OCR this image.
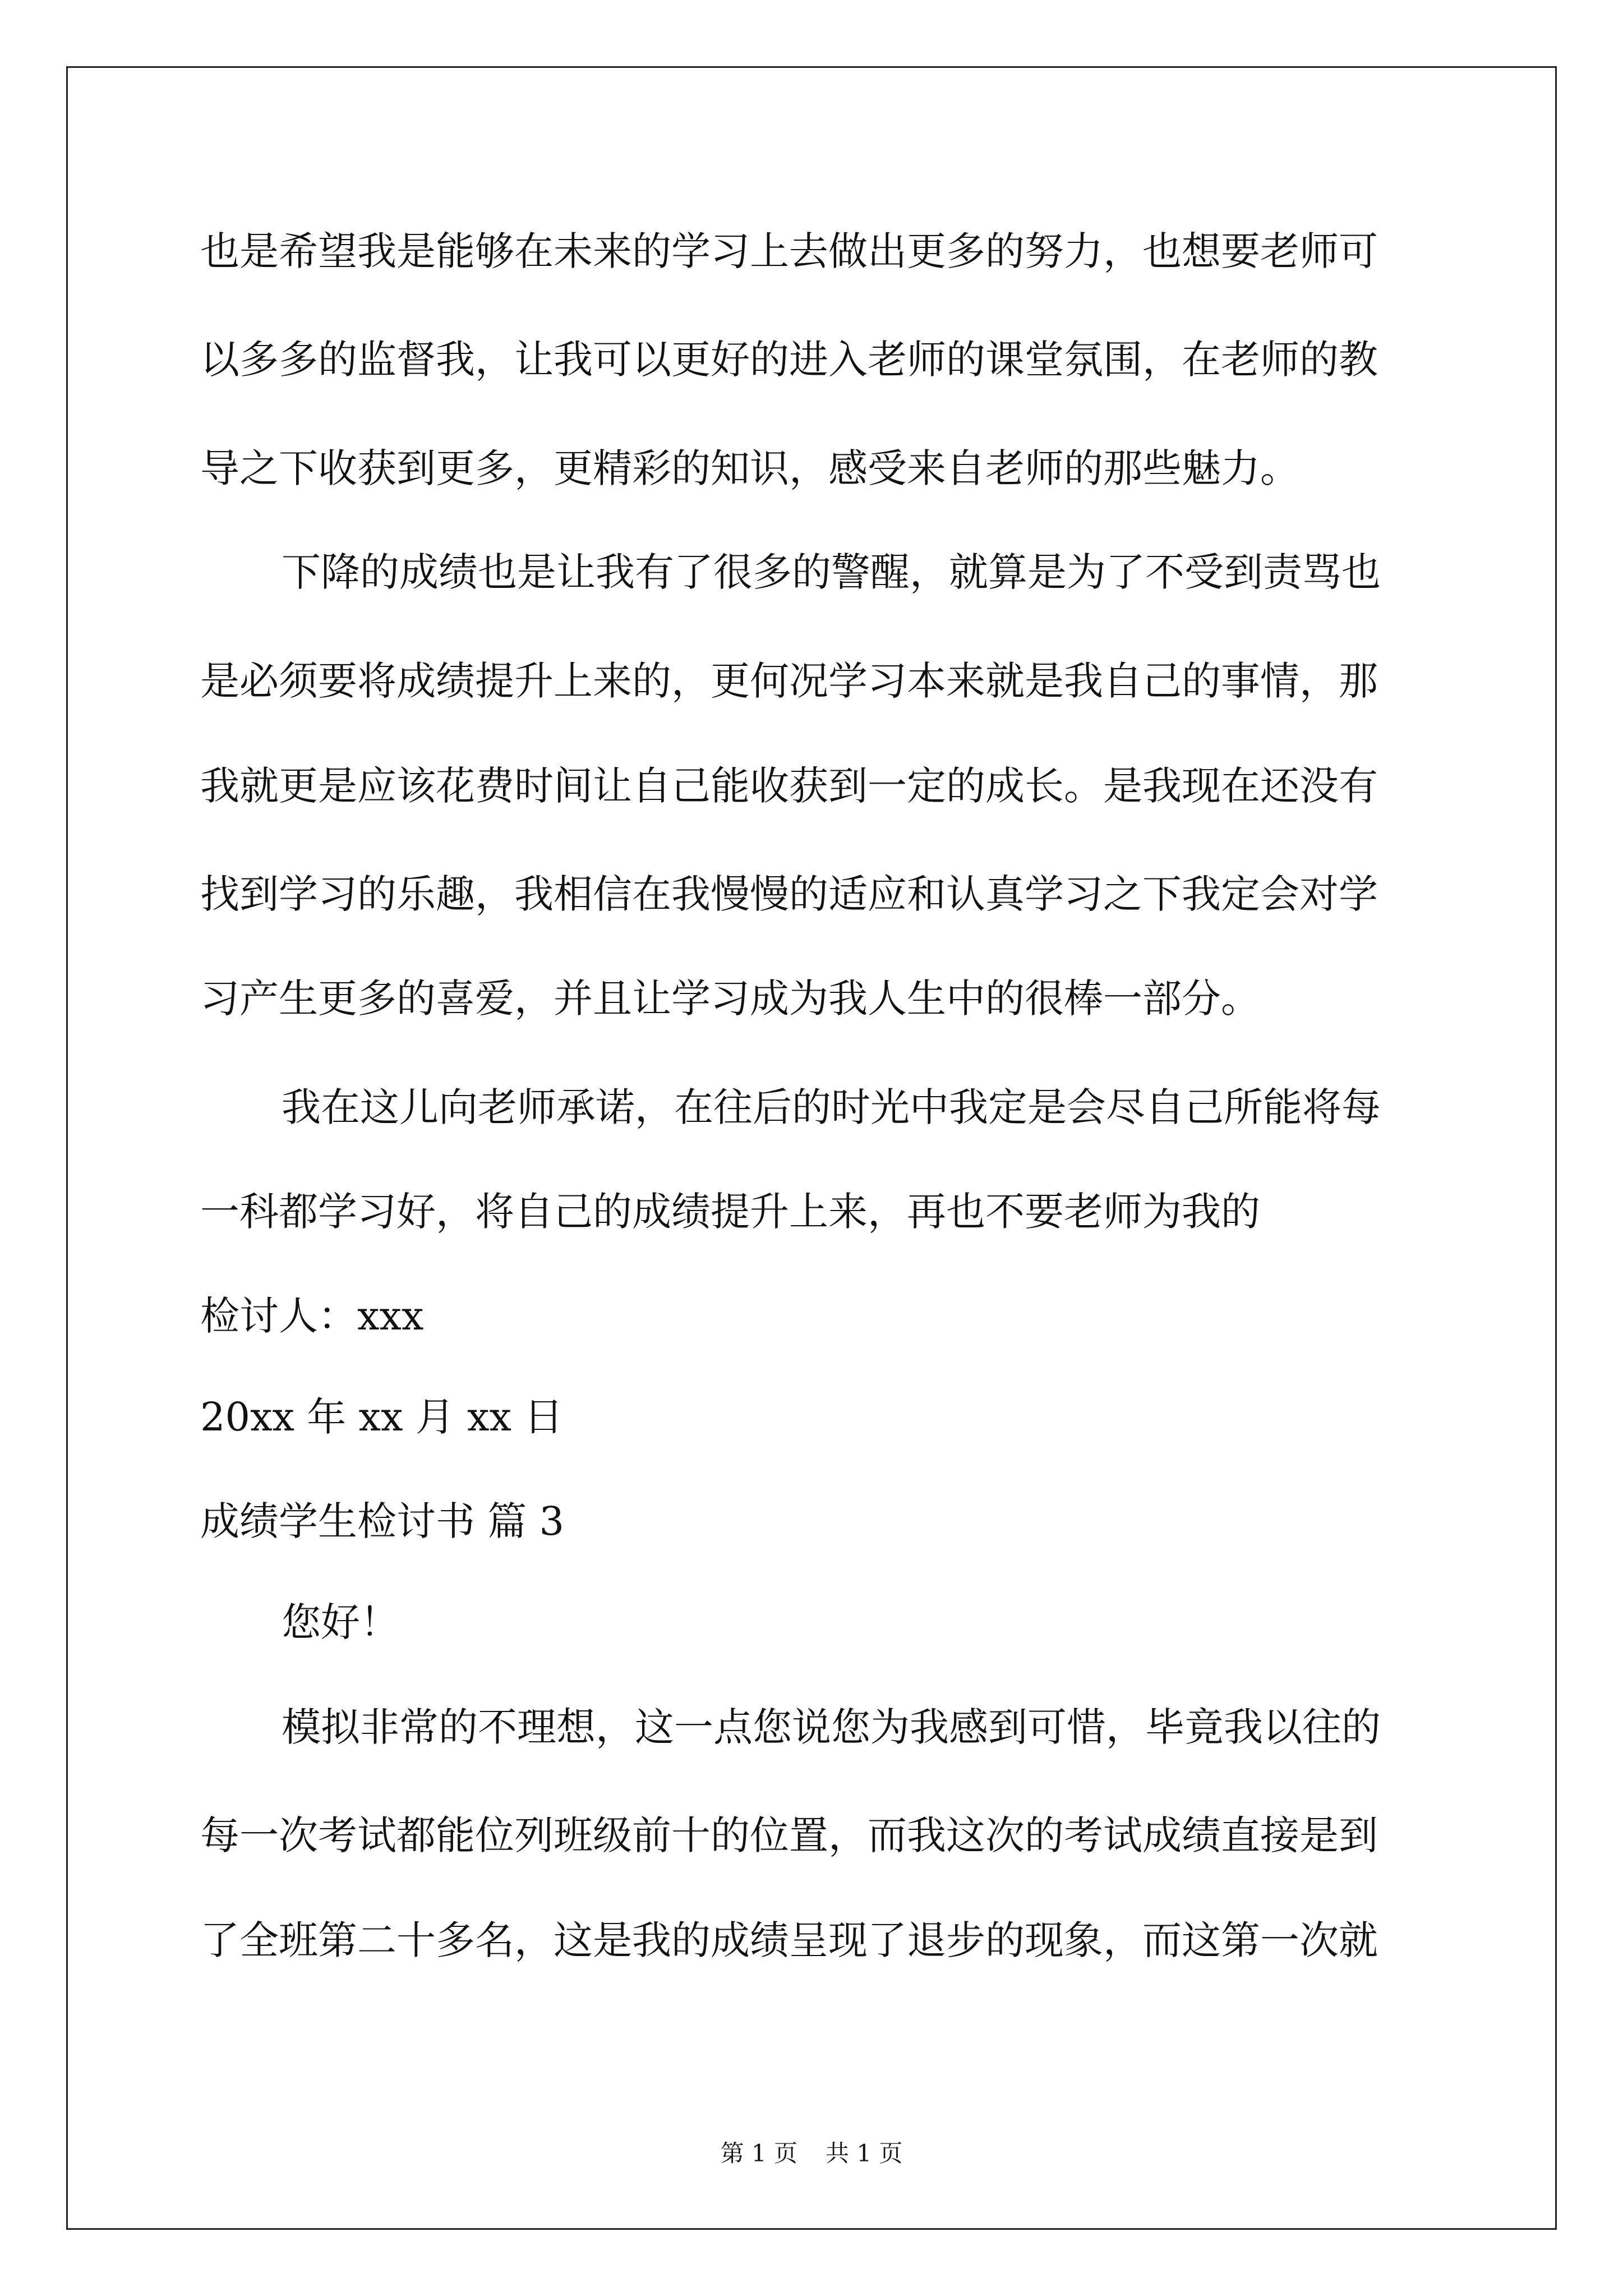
也是希望我是能够在未来的学习上去做出更多的努力，也想要老师可
以多多的监督我，让我可以更好的进入老师的课堂氛围，在老师的教
导之下收获到更多，更精彩的知识，感受来自老师的那些魅力。
下降的成绩也是让我有了很多的警醒，就算是为了不受到责骂也
是必须要将成绩提升上来的，更何况学习本来就是我自己的事情，那
我就更是应该花费时间让自己能收获到一定的成长。是我现在还没有
找到学习的乐趣，我相信在我慢慢的适应和认真学习之下我定会对学
习产生更多的喜爱，并且让学习成为我人生中的很棒一部分。
我在这儿向老师承诺，在往后的时光中我定是会尽自己所能将每
一科都学习好，将自己的成绩提升上来，再也不要老师为我的
检讨人：xxx
20xx 年 xx 月 xx 日
成绩学生检讨书 篇 3
您好！
模拟非常的不理想，这一点您说您为我感到可惜，毕竟我以往的
每一次考试都能位列班级前十的位置，而我这次的考试成绩直接是到
了全班第二十多名，这是我的成绩呈现了退步的现象，而这第一次就
第 1 页 共 1 页
